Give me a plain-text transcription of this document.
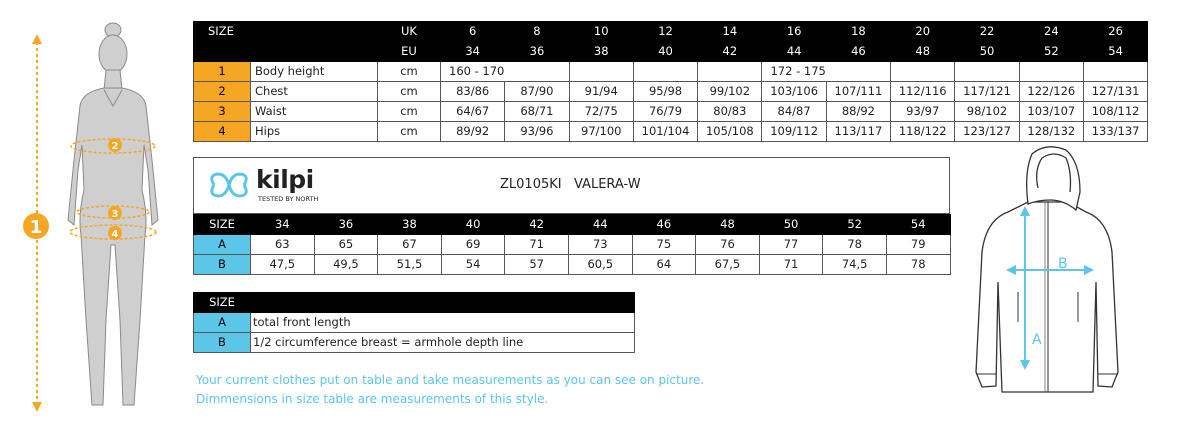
1
2
3
4
SIZE		UK	6	8	10	12	14	16	18	20	22	24	26
		EU	34	36	38	40	42	44	46	48	50	52	54
1	Body height	cm	160 - 170					172 - 175					
2	Chest	cm	83/86	87/90	91/94	95/98	99/102	103/106	107/111	112/116	117/121	122/126	127/131
3	Waist	cm	64/67	68/71	72/75	76/79	80/83	84/87	88/92	93/97	98/102	103/107	108/112
4	Hips	cm	89/92	93/96	97/100	101/104	105/108	109/112	113/117	118/122	123/127	128/132	133/137
kilpi
TESTED BY NORTH
ZL0105KI VALERA-W
SIZE	34	36	38	40	42	44	46	48	50	52	54
A	63	65	67	69	71	73	75	76	77	78	79
B	47,5	49,5	51,5	54	57	60,5	64	67,5	71	74,5	78
SIZE	
A	total front length
B	1/2 circumference breast = armhole depth line
Your current clothes put on table and take measurements as you can see on picture.
Dimmensions in size table are measurements of this style.
A
B
